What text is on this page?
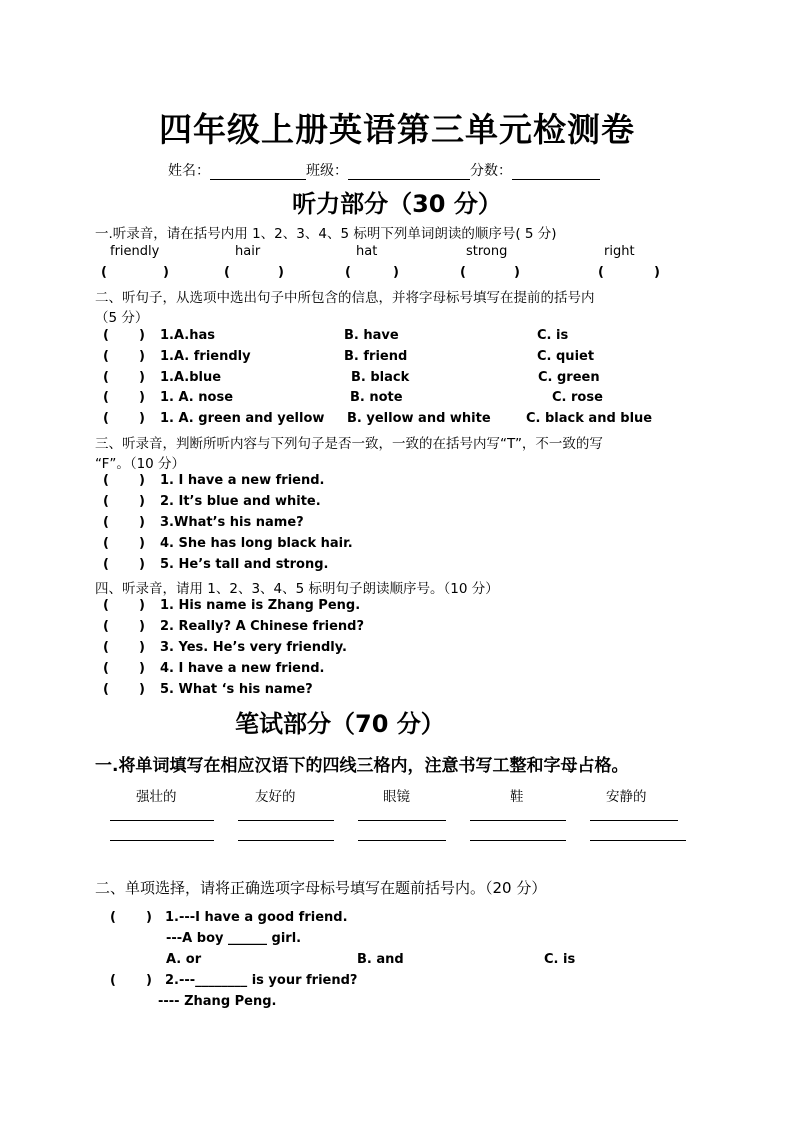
四年级上册英语第三单元检测卷
姓名：	班级：	分数：
听力部分（30 分）
一.听录音，请在括号内用 1、2、3、4、5 标明下列单词朗读的顺序号( 5 分)
friendly	hair	hat	strong	right
(	)	(	)	(	)	(	)	(	)
二、听句子，从选项中选出句子中所包含的信息，并将字母标号填写在提前的括号内
（5 分）
( ) 1.A.has	B. have	C. is
( ) 1.A. friendly	B. friend	C. quiet
( ) 1.A.blue	B. black	C. green
( ) 1. A. nose	B. note	C. rose
( ) 1. A. green and yellow B. yellow and white	C. black and blue
三、听录音，判断所听内容与下列句子是否一致，一致的在括号内写“T”，不一致的写
“F”。（10 分）
( ) 1. I have a new friend.
( ) 2. It’s blue and white.
( ) 3.What’s his name?
( ) 4. She has long black hair.
( ) 5. He’s tall and strong.
四、听录音，请用 1、2、3、4、5 标明句子朗读顺序号。（10 分）
( ) 1. His name is Zhang Peng.
( ) 2. Really? A Chinese friend?
( ) 3. Yes. He’s very friendly.
( ) 4. I have a new friend.
( ) 5. What ‘s his name?
笔试部分（70 分）
一.将单词填写在相应汉语下的四线三格内，注意书写工整和字母占格。
强壮的	友好的	眼镜	鞋	安静的
二、单项选择，请将正确选项字母标号填写在题前括号内。（20 分）
( ) 1.---I have a good friend.
---A boy ______ girl.
A. or	B. and	C. is
( ) 2.---________ is your friend?
---- Zhang Peng.
